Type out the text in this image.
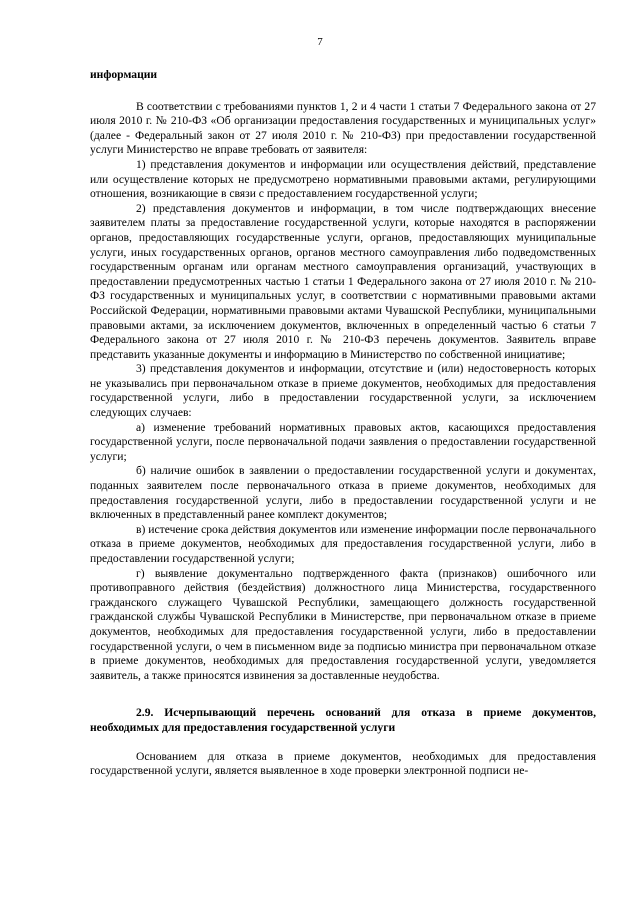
7
информации

В соответствии с требованиями пунктов 1, 2 и 4 части 1 статьи 7 Федерального закона от 27 июля 2010 г. № 210-ФЗ «Об организации предоставления государственных и муниципальных услуг» (далее - Федеральный закон от 27 июля 2010 г. № 210-ФЗ) при предоставлении государственной услуги Министерство не вправе требовать от заявителя:

1) представления документов и информации или осуществления действий, представление или осуществление которых не предусмотрено нормативными правовыми актами, регулирующими отношения, возникающие в связи с предоставлением государственной услуги;

2) представления документов и информации, в том числе подтверждающих внесение заявителем платы за предоставление государственной услуги, которые находятся в распоряжении органов, предоставляющих государственные услуги, органов, предоставляющих муниципальные услуги, иных государственных органов, органов местного самоуправления либо подведомственных государственным органам или органам местного самоуправления организаций, участвующих в предоставлении предусмотренных частью 1 статьи 1 Федерального закона от 27 июля 2010 г. № 210-ФЗ государственных и муниципальных услуг, в соответствии с нормативными правовыми актами Российской Федерации, нормативными правовыми актами Чувашской Республики, муниципальными правовыми актами, за исключением документов, включенных в определенный частью 6 статьи 7 Федерального закона от 27 июля 2010 г. № 210-ФЗ перечень документов. Заявитель вправе представить указанные документы и информацию в Министерство по собственной инициативе;

3) представления документов и информации, отсутствие и (или) недостоверность которых не указывались при первоначальном отказе в приеме документов, необходимых для предоставления государственной услуги, либо в предоставлении государственной услуги, за исключением следующих случаев:

а) изменение требований нормативных правовых актов, касающихся предоставления государственной услуги, после первоначальной подачи заявления о предоставлении государственной услуги;

б) наличие ошибок в заявлении о предоставлении государственной услуги и документах, поданных заявителем после первоначального отказа в приеме документов, необходимых для предоставления государственной услуги, либо в предоставлении государственной услуги и не включенных в представленный ранее комплект документов;

в) истечение срока действия документов или изменение информации после первоначального отказа в приеме документов, необходимых для предоставления государственной услуги, либо в предоставлении государственной услуги;

г) выявление документально подтвержденного факта (признаков) ошибочного или противоправного действия (бездействия) должностного лица Министерства, государственного гражданского служащего Чувашской Республики, замещающего должность государственной гражданской службы Чувашской Республики в Министерстве, при первоначальном отказе в приеме документов, необходимых для предоставления государственной услуги, либо в предоставлении государственной услуги, о чем в письменном виде за подписью министра при первоначальном отказе в приеме документов, необходимых для предоставления государственной услуги, уведомляется заявитель, а также приносятся извинения за доставленные неудобства.

2.9. Исчерпывающий перечень оснований для отказа в приеме документов, необходимых для предоставления государственной услуги

Основанием для отказа в приеме документов, необходимых для предоставления государственной услуги, является выявленное в ходе проверки электронной подписи не-
